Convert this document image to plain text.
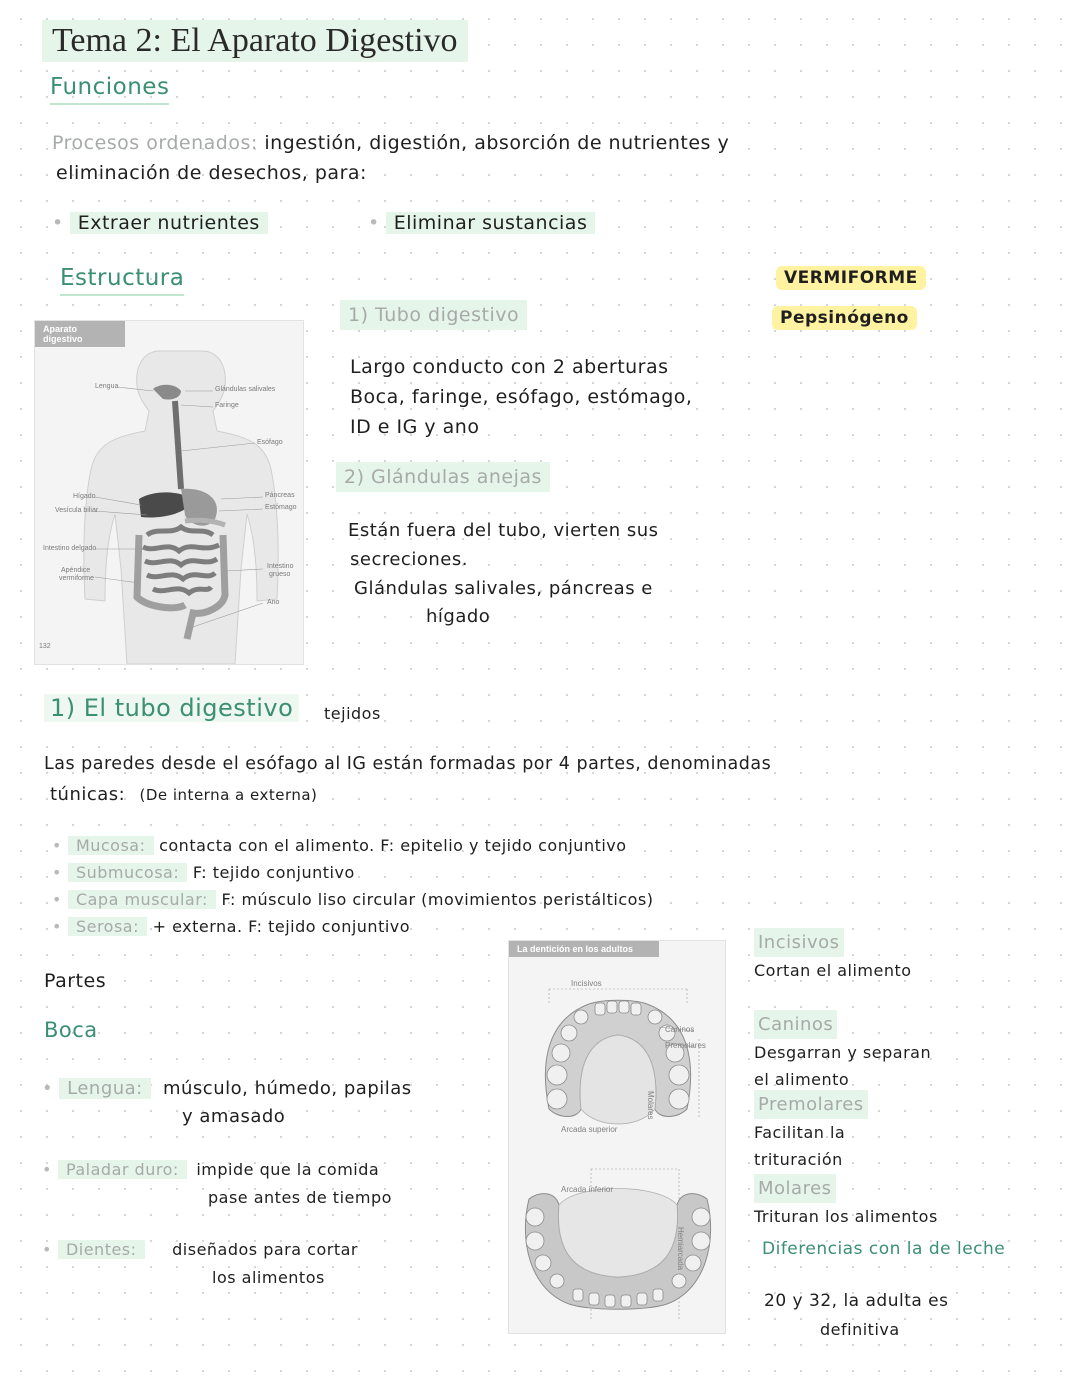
Tema 2: El Aparato Digestivo
Funciones
Procesos ordenados: ingestión, digestión, absorción de nutrientes y
eliminación de desechos, para:
• Extraer nutrientes	• Eliminar sustancias
Estructura	VERMIFORME
Pepsinógeno
Aparato digestivo
Lengua	Glándulas salivales
Faringe
Esófago
Páncreas
Estómago
Hígado
Vesícula biliar
Intestino delgado
Apéndice
vermiforme
Intestino
grueso
Ano
132
1) Tubo digestivo
Largo conducto con 2 aberturas
Boca, faringe, esófago, estómago,
ID e IG y ano
2) Glándulas anejas
Están fuera del tubo, vierten sus
secreciones.
Glándulas salivales, páncreas e
hígado
1) El tubo digestivo	tejidos
Las paredes desde el esófago al IG están formadas por 4 partes, denominadas
túnicas: (De interna a externa)
• Mucosa: contacta con el alimento. F: epitelio y tejido conjuntivo
• Submucosa: F: tejido conjuntivo
• Capa muscular: F: músculo liso circular (movimientos peristálticos)
• Serosa: + externa. F: tejido conjuntivo
Partes
Boca
• Lengua: músculo, húmedo, papilas
y amasado
• Paladar duro: impide que la comida
pase antes de tiempo
• Dientes: diseñados para cortar
los alimentos
La dentición en los adultos
Incisivos
Caninos
Premolares
Molares
Arcada superior
Arcada inferior
Hemiarcada
Incisivos
Cortan el alimento
Caninos
Desgarran y separan
el alimento
Premolares
Facilitan la
trituración
Molares
Trituran los alimentos
Diferencias con la de leche
20 y 32, la adulta es
definitiva
